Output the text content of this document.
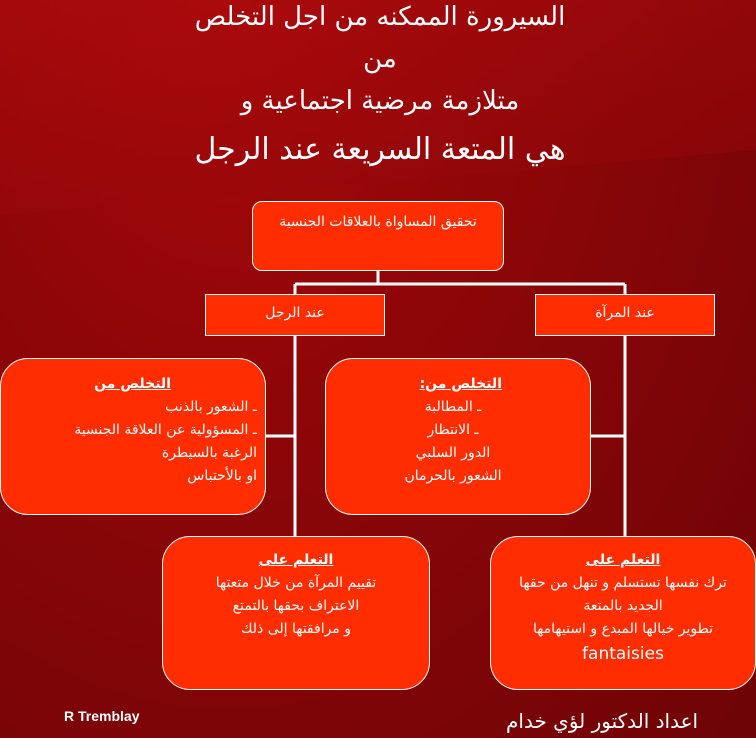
السيرورة الممكنه من اجل التخلص
من
متلازمة مرضية اجتماعية و
هي المتعة السريعة عند الرجل
تحقيق المساواة بالعلاقات الجنسية
عند الرجل	عند المرآة
التخلص من
ـ الشعور بالذنب
ـ المسؤولية عن العلاقة الجنسية
الرغبة بالسيطرة
او بالأحتباس
التخلص من:
ـ المطالبة
ـ الانتظار
الدور السلبي
الشعور بالحرمان
التعلم على
تقييم المرآة من خلال متعتها
الاعتراف بحقها بالتمتع
و مرافقتها إلى ذلك
التعلم على
ترك نفسها تستسلم و تنهل من حقها
الجديد بالمتعة
تطوير خيالها المبدع و استيهامها
fantaisies
R Tremblay	اعداد الدكتور لؤي خدام
